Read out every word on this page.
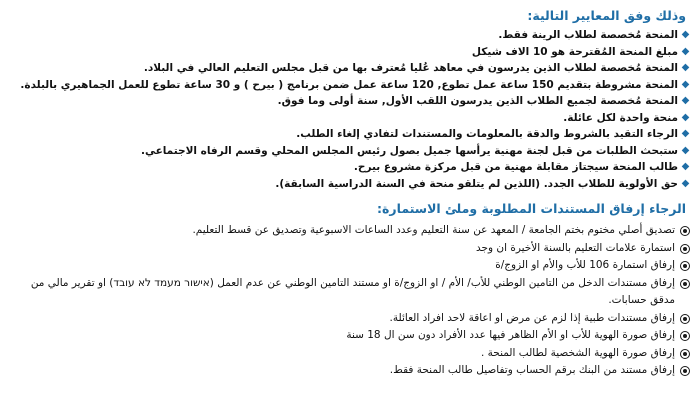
وذلك وفق المعايير التالية:
◆
المنحة مُخصصة لطلاب الرينة فقط.
◆
مبلغ المنحة المُقترحة هو 10 الاف شيكل
◆
المنحة مُخصصة لطلاب الذين يدرسون في معاهد عُليا مُعترف بها من قبل مجلس التعليم العالي في البلاد.
◆
المنحة مشروطة بتقديم 150 ساعة عمل تطوع, 120 ساعة عمل ضمن برنامج ( بيرح ) و 30 ساعة تطوع للعمل الجماهيري بالبلدة.
◆
المنحة مُخصصة لجميع الطلاب الذين يدرسون اللقب الأول, سنة أولى وما فوق.
◆
منحة واحدة لكل عائلة.
◆
الرجاء التقيد بالشروط والدقة بالمعلومات والمستندات لتفادي إلغاء الطلب.
◆
ستبحث الطلبات من قبل لجنة مهنية يرأسها جميل بصول رئيس المجلس المحلي وقسم الرفاه الاجتماعي.
◆
طالب المنحة سيجتاز مقابلة مهنية من قبل مركزة مشروع بيرح.
◆
حق الأولوية للطلاب الجدد. (اللذين لم يتلقو منحة في السنة الدراسية السابقة).
الرجاء إرفاق المستندات المطلوبة وملئ الاستمارة:
تصديق أصلي مختوم بختم الجامعة / المعهد عن سنة التعليم وعدد الساعات الاسبوعية وتصديق عن قسط التعليم.
استمارة علامات التعليم بالسنة الأخيرة ان وجد
إرفاق استمارة 106 للأب والأم او الزوج/ة
إرفاق مستندات الدخل من التامين الوطني للأب/ الأم / او الزوج/ة او مستند التامين الوطني عن عدم العمل (אישור מעמד לא עובד) او تقرير مالي من مدقق حسابات.
إرفاق مستندات طبية إذا لزم عن مرض او اعاقة لاحد افراد العائلة.
إرفاق صورة الهوية للأب او الأم الظاهر فيها عدد الأفراد دون سن ال 18 سنة
إرفاق صورة الهوية الشخصية لطالب المنحة .
إرفاق مستند من البنك برقم الحساب وتفاصيل طالب المنحة فقط.
